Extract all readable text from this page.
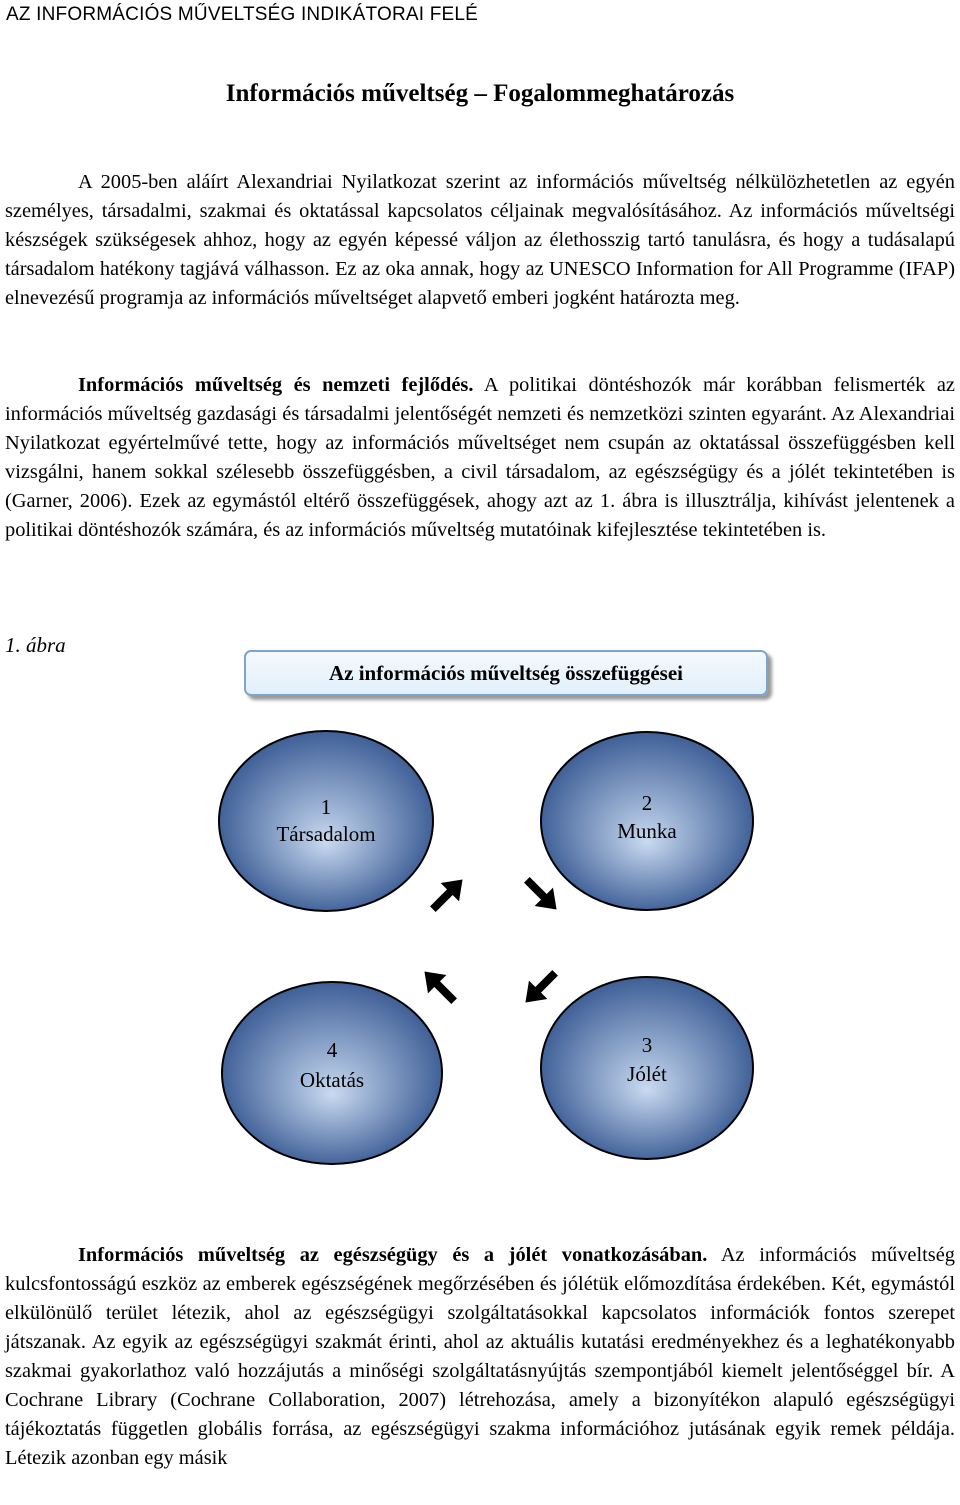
AZ INFORMÁCIÓS MŰVELTSÉG INDIKÁTORAI FELÉ
Információs műveltség – Fogalommeghatározás
A 2005-ben aláírt Alexandriai Nyilatkozat szerint az információs műveltség nélkülözhetetlen az egyén személyes, társadalmi, szakmai és oktatással kapcsolatos céljainak megvalósításához. Az információs műveltségi készségek szükségesek ahhoz, hogy az egyén képessé váljon az élethosszig tartó tanulásra, és hogy a tudásalapú társadalom hatékony tagjává válhasson. Ez az oka annak, hogy az UNESCO Information for All Programme (IFAP) elnevezésű programja az információs műveltséget alapvető emberi jogként határozta meg.
Információs műveltség és nemzeti fejlődés. A politikai döntéshozók már korábban felismerték az információs műveltség gazdasági és társadalmi jelentőségét nemzeti és nemzetközi szinten egyaránt. Az Alexandriai Nyilatkozat egyértelművé tette, hogy az információs műveltséget nem csupán az oktatással összefüggésben kell vizsgálni, hanem sokkal szélesebb összefüggésben, a civil társadalom, az egészségügy és a jólét tekintetében is (Garner, 2006). Ezek az egymástól eltérő összefüggések, ahogy azt az 1. ábra is illusztrálja, kihívást jelentenek a politikai döntéshozók számára, és az információs műveltség mutatóinak kifejlesztése tekintetében is.
1. ábra
Az információs műveltség összefüggései
1
Társadalom
2
Munka
3
Jólét
4
Oktatás
Információs műveltség az egészségügy és a jólét vonatkozásában. Az információs műveltség kulcsfontosságú eszköz az emberek egészségének megőrzésében és jólétük előmozdítása érdekében. Két, egymástól elkülönülő terület létezik, ahol az egészségügyi szolgáltatásokkal kapcsolatos információk fontos szerepet játszanak. Az egyik az egészségügyi szakmát érinti, ahol az aktuális kutatási eredményekhez és a leghatékonyabb szakmai gyakorlathoz való hozzájutás a minőségi szolgáltatásnyújtás szempontjából kiemelt jelentőséggel bír. A Cochrane Library (Cochrane Collaboration, 2007) létrehozása, amely a bizonyítékon alapuló egészségügyi tájékoztatás független globális forrása, az egészségügyi szakma információhoz jutásának egyik remek példája. Létezik azonban egy másik
